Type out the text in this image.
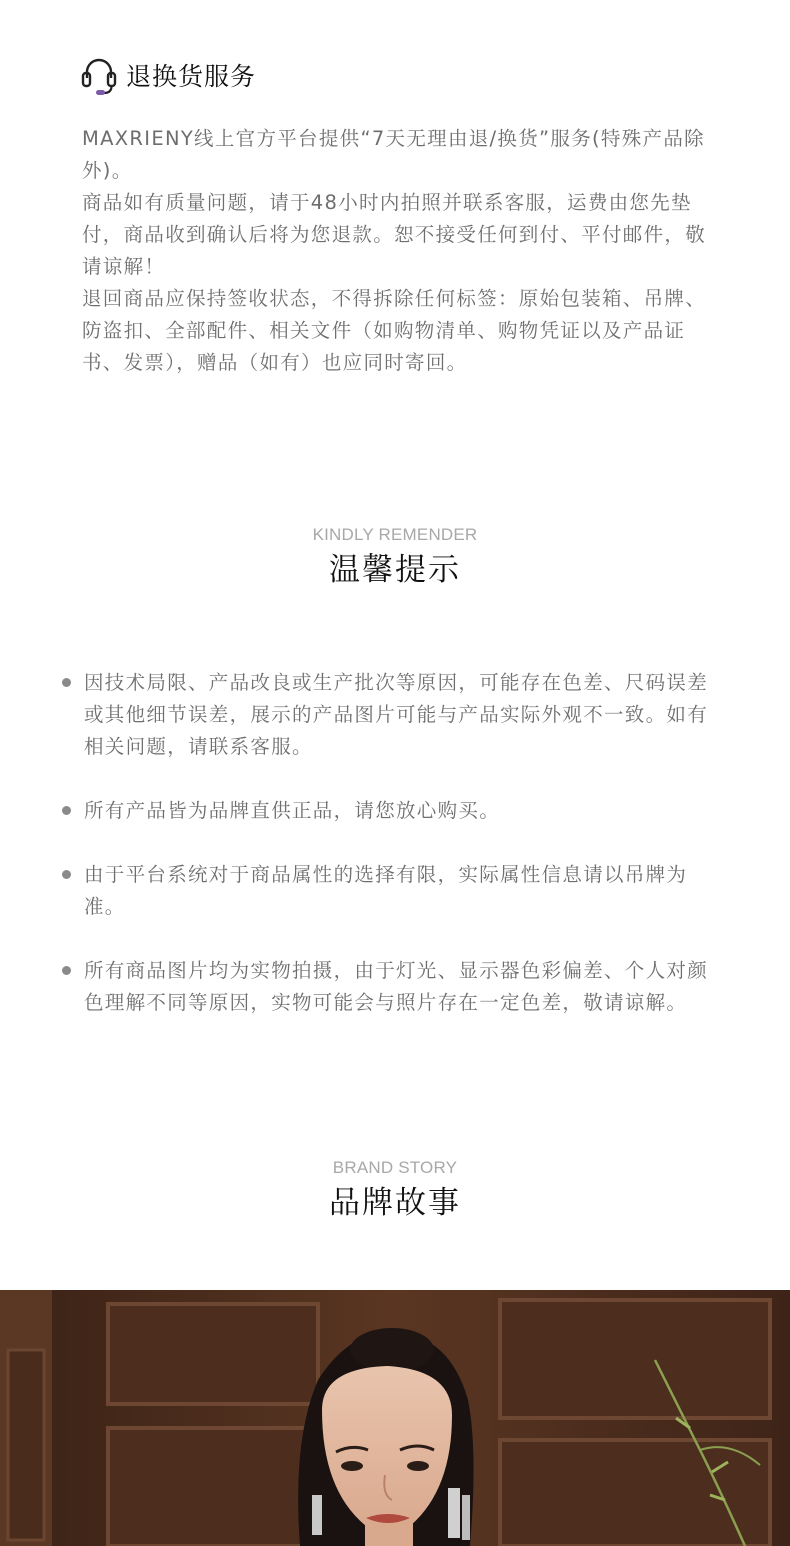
退换货服务

MAXRIENY线上官方平台提供“7天无理由退/换货”服务(特殊产品除外)。

商品如有质量问题，请于48小时内拍照并联系客服，运费由您先垫付，商品收到确认后将为您退款。恕不接受任何到付、平付邮件，敬请谅解！

退回商品应保持签收状态，不得拆除任何标签：原始包装箱、吊牌、防盗扣、全部配件、相关文件（如购物清单、购物凭证以及产品证书、发票），赠品（如有）也应同时寄回。

KINDLY REMENDER
温馨提示
因技术局限、产品改良或生产批次等原因，可能存在色差、尺码误差或其他细节误差，展示的产品图片可能与产品实际外观不一致。如有相关问题，请联系客服。
所有产品皆为品牌直供正品，请您放心购买。
由于平台系统对于商品属性的选择有限，实际属性信息请以吊牌为准。
所有商品图片均为实物拍摄，由于灯光、显示器色彩偏差、个人对颜色理解不同等原因，实物可能会与照片存在一定色差，敬请谅解。
BRAND STORY
品牌故事
